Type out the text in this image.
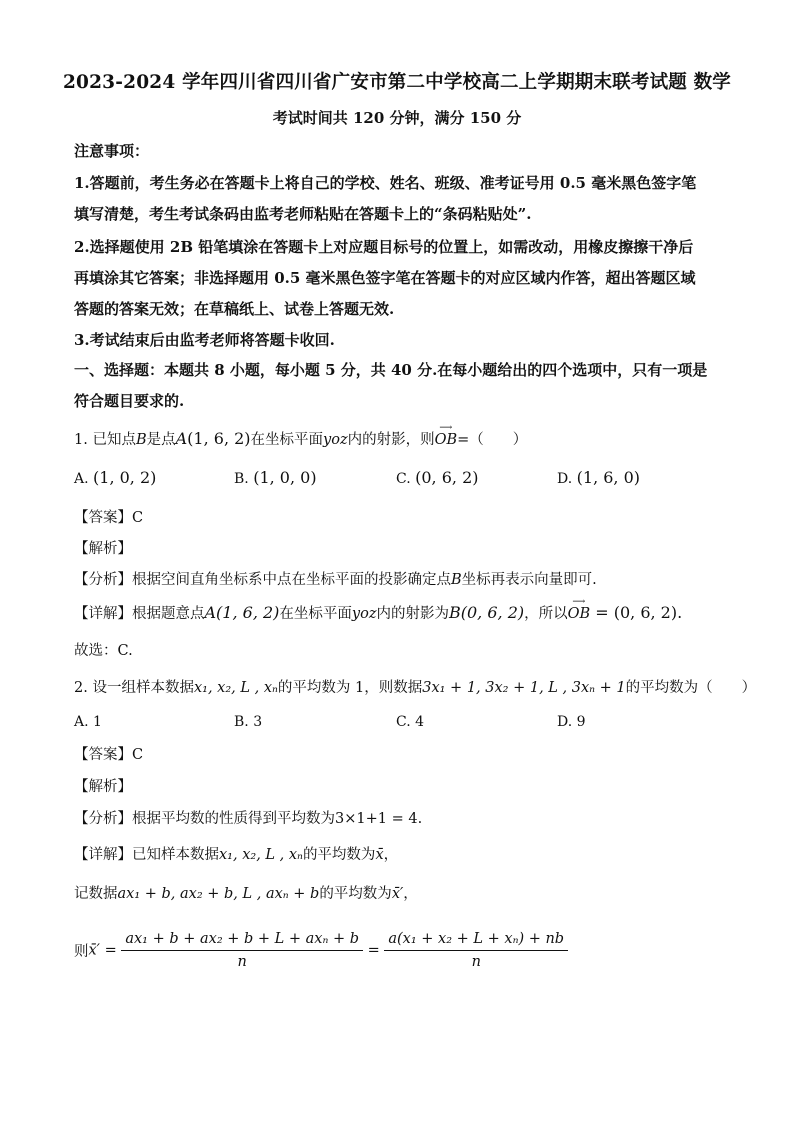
2023-2024 学年四川省四川省广安市第二中学校高二上学期期末联考试题 数学
考试时间共 120 分钟，满分 150 分
注意事项：
1.答题前，考生务必在答题卡上将自己的学校、姓名、班级、准考证号用 0.5 毫米黑色签字笔
填写清楚，考生考试条码由监考老师粘贴在答题卡上的“条码粘贴处”.
2.选择题使用 2B 铅笔填涂在答题卡上对应题目标号的位置上，如需改动，用橡皮擦擦干净后
再填涂其它答案；非选择题用 0.5 毫米黑色签字笔在答题卡的对应区域内作答，超出答题区域
答题的答案无效；在草稿纸上、试卷上答题无效.
3.考试结束后由监考老师将答题卡收回.
一、选择题：本题共 8 小题，每小题 5 分，共 40 分.在每小题给出的四个选项中，只有一项是
符合题目要求的.
1. 已知点B是点A(1, 6, 2)在坐标平面yoz内的射影，则
⟶
OB=（　　）
A. (1, 0, 2)	B. (1, 0, 0)	C. (0, 6, 2)	D. (1, 6, 0)
【答案】C
【解析】
【分析】根据空间直角坐标系中点在坐标平面的投影确定点B坐标再表示向量即可.
【详解】根据题意点A(1, 6, 2)在坐标平面yoz内的射影为B(0, 6, 2)，所以
⟶
OB = (0, 6, 2).
故选：C.
2. 设一组样本数据x₁, x₂, L , xₙ的平均数为 1，则数据3x₁ + 1, 3x₂ + 1, L , 3xₙ + 1的平均数为（　　）
A. 1	B. 3	C. 4	D. 9
【答案】C
【解析】
【分析】根据平均数的性质得到平均数为3×1+1 = 4.
【详解】已知样本数据x₁, x₂, L , xₙ的平均数为x̄，
记数据ax₁ + b, ax₂ + b, L , axₙ + b的平均数为x̄′，
则x̄′ = $\frac{\text{ax₁ + b + ax₂ + b + L + axₙ + b}}{n} = \frac{\text{a(x₁ + x₂ + L + xₙ) + nb}}{n}$
